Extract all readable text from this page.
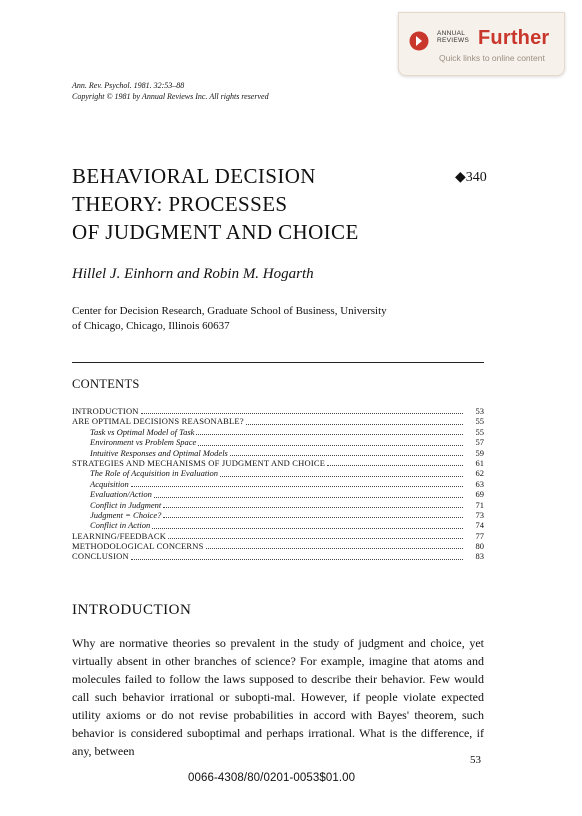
ANNUAL
REVIEWS Further
Quick links to online content
Ann. Rev. Psychol. 1981. 32:53–88
Copyright © 1981 by Annual Reviews Inc. All rights reserved
BEHAVIORAL DECISION
THEORY: PROCESSES
OF JUDGMENT AND CHOICE
◆340
Hillel J. Einhorn and Robin M. Hogarth
Center for Decision Research, Graduate School of Business, University
of Chicago, Chicago, Illinois 60637
CONTENTS
INTRODUCTION	53
ARE OPTIMAL DECISIONS REASONABLE?	55
Task vs Optimal Model of Task	55
Environment vs Problem Space	57
Intuitive Responses and Optimal Models	59
STRATEGIES AND MECHANISMS OF JUDGMENT AND CHOICE	61
The Role of Acquisition in Evaluation	62
Acquisition	63
Evaluation/Action	69
Conflict in Judgment	71
Judgment = Choice?	73
Conflict in Action	74
LEARNING/FEEDBACK	77
METHODOLOGICAL CONCERNS	80
CONCLUSION	83
INTRODUCTION

Why are normative theories so prevalent in the study of judgment and choice, yet virtually absent in other branches of science? For example, imagine that atoms and molecules failed to follow the laws supposed to describe their behavior. Few would call such behavior irrational or subopti-mal. However, if people violate expected utility axioms or do not revise probabilities in accord with Bayes' theorem, such behavior is considered suboptimal and perhaps irrational. What is the difference, if any, between

53
0066-4308/80/0201-0053$01.00
